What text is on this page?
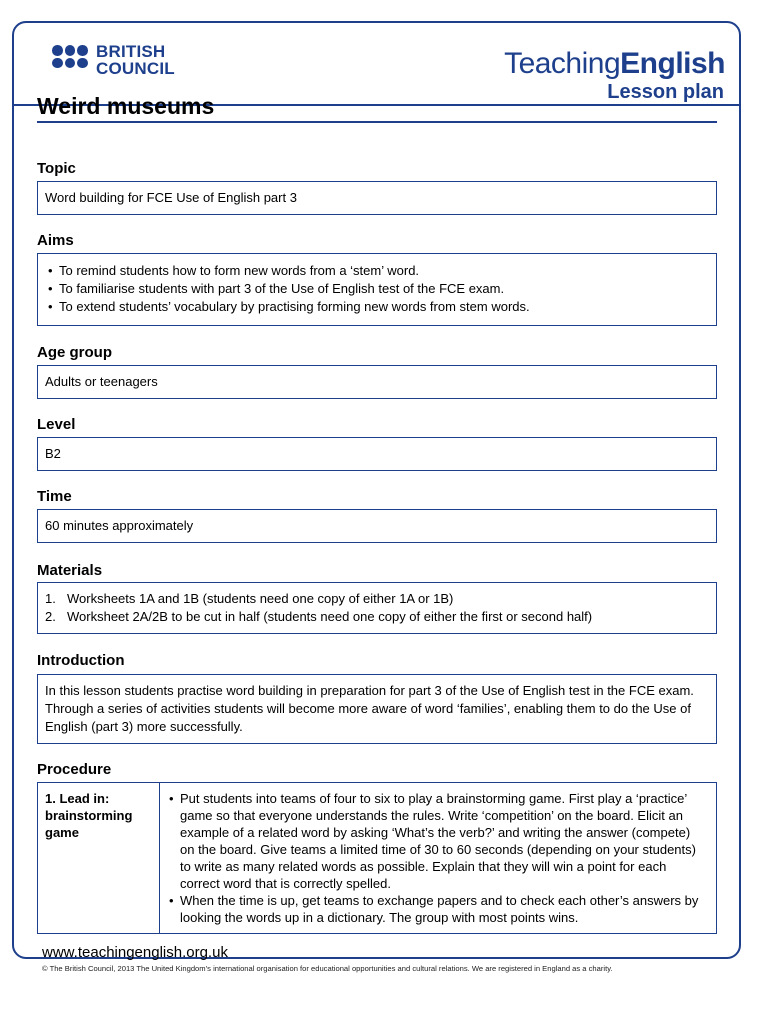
BRITISH
COUNCIL	TeachingEnglish
Lesson plan
Weird museums
Topic
Word building for FCE Use of English part 3
Aims
• To remind students how to form new words from a ‘stem’ word.
• To familiarise students with part 3 of the Use of English test of the FCE exam.
• To extend students’ vocabulary by practising forming new words from stem words.
Age group
Adults or teenagers
Level
B2
Time
60 minutes approximately
Materials
1. Worksheets 1A and 1B (students need one copy of either 1A or 1B)
2. Worksheet 2A/2B to be cut in half (students need one copy of either the first or second half)
Introduction
In this lesson students practise word building in preparation for part 3 of the Use of English test in the FCE exam. Through a series of activities students will become more aware of word ‘families’, enabling them to do the Use of English (part 3) more successfully.
Procedure
1. Lead in: brainstorming game
• Put students into teams of four to six to play a brainstorming game. First play a ‘practice’ game so that everyone understands the rules. Write ‘competition’ on the board. Elicit an example of a related word by asking ‘What’s the verb?’ and writing the answer (compete) on the board. Give teams a limited time of 30 to 60 seconds (depending on your students) to write as many related words as possible. Explain that they will win a point for each correct word that is correctly spelled.
• When the time is up, get teams to exchange papers and to check each other’s answers by looking the words up in a dictionary. The group with most points wins.
www.teachingenglish.org.uk
© The British Council, 2013 The United Kingdom’s international organisation for educational opportunities and cultural relations. We are registered in England as a charity.
